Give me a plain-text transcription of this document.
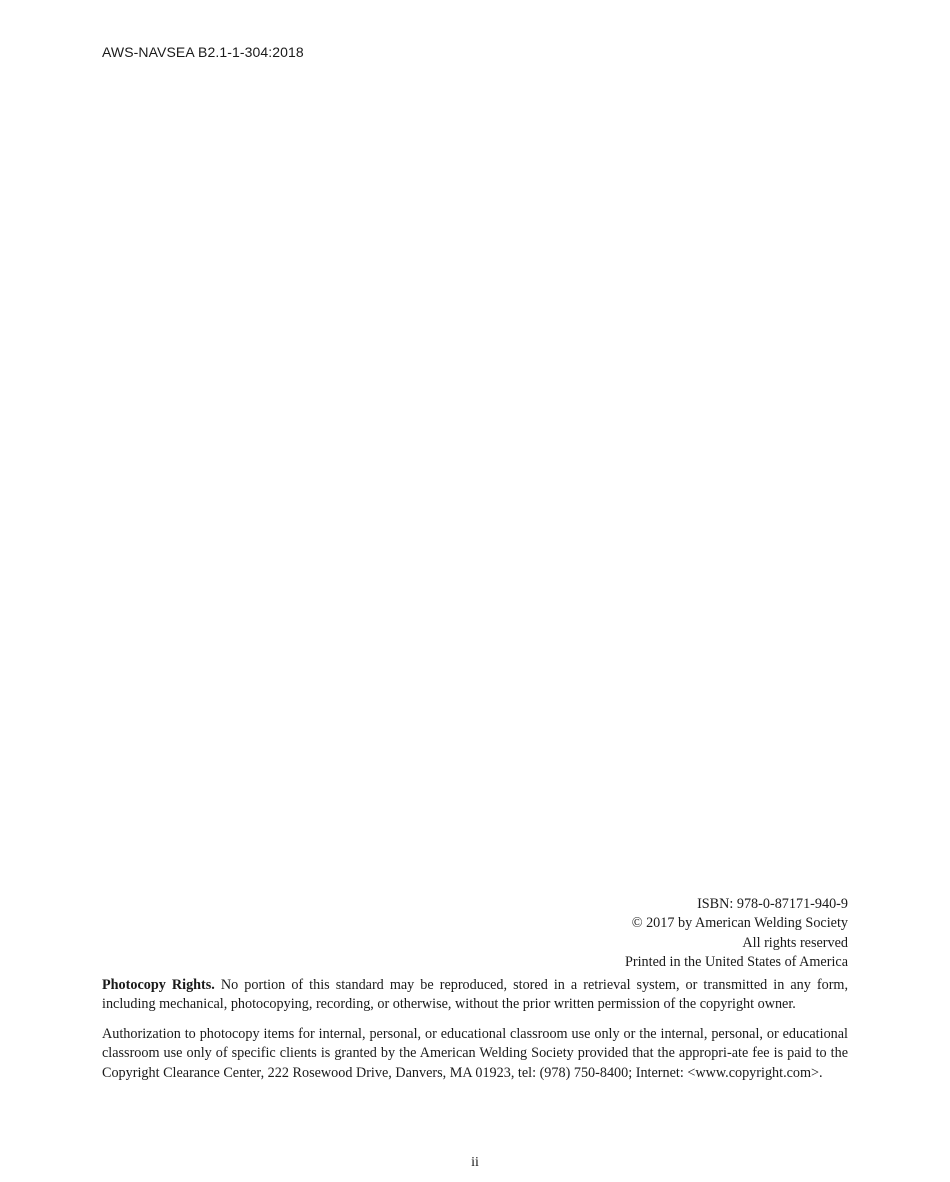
AWS-NAVSEA B2.1-1-304:2018
ISBN: 978-0-87171-940-9
© 2017 by American Welding Society
All rights reserved
Printed in the United States of America

Photocopy Rights. No portion of this standard may be reproduced, stored in a retrieval system, or transmitted in any form, including mechanical, photocopying, recording, or otherwise, without the prior written permission of the copyright owner.

Authorization to photocopy items for internal, personal, or educational classroom use only or the internal, personal, or educational classroom use only of specific clients is granted by the American Welding Society provided that the appropri-ate fee is paid to the Copyright Clearance Center, 222 Rosewood Drive, Danvers, MA 01923, tel: (978) 750-8400; Internet: <www.copyright.com>.

ii
